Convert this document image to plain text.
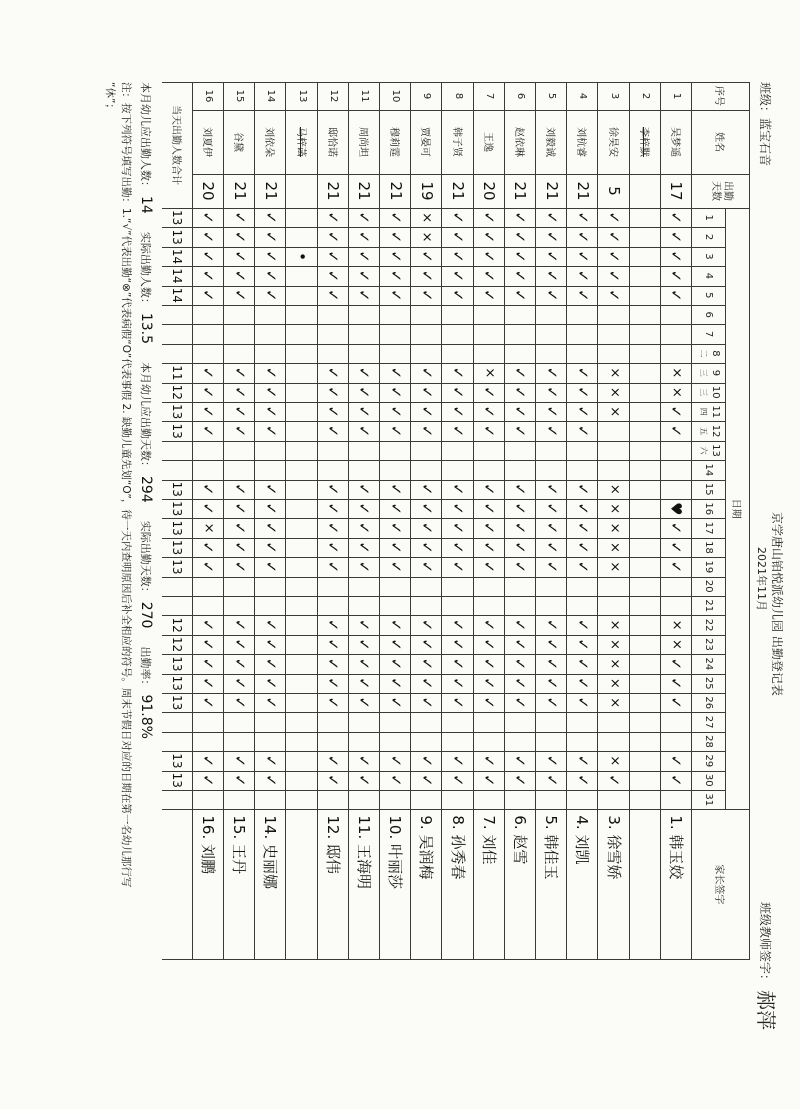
班级：蓝宝石音
京学唐山铂悦派幼儿园 出勤登记表
2021年11月
班级教师签字：
郝萍
序号
姓名
出勤天数
日期
家长签字
1
2
3
4
5
6
7
8
二
9
三
10
三
11
四
12
五
13
六
14
15
16
17
18
19
20
21
22
23
24
25
26
27
28
29
30
31
1
吴梦遥
17
✓
✓
✓
✓
✓
×
×
✓
✓
♥
✓
✓
✓
×
×
✓
✓
✓
✓
✓
1. 韩玉姣
2
李梓默
3
徐昊安
5
✓
✓
✓
✓
✓
×
×
×
×
×
×
×
×
×
×
×
×
×
×
✓
3. 徐雪娇
4
刘杭睿
21
✓
✓
✓
✓
✓
✓
✓
✓
✓
✓
✓
✓
✓
✓
✓
✓
✓
✓
✓
✓
✓
4. 刘凯
5
刘毅诚
21
✓
✓
✓
✓
✓
✓
✓
✓
✓
✓
✓
✓
✓
✓
✓
✓
✓
✓
✓
✓
✓
5. 韩佳玉
6
赵依琳
21
✓
✓
✓
✓
✓
✓
✓
✓
✓
✓
✓
✓
✓
✓
✓
✓
✓
✓
✓
✓
✓
6. 赵雪
7
王逸
20
✓
✓
✓
✓
✓
×
✓
✓
✓
✓
✓
✓
✓
✓
✓
✓
✓
✓
✓
✓
✓
7. 刘佳
8
韩子贤
21
✓
✓
✓
✓
✓
✓
✓
✓
✓
✓
✓
✓
✓
✓
✓
✓
✓
✓
✓
✓
✓
8. 孙秀春
9
贾晏可
19
×
×
✓
✓
✓
✓
✓
✓
✓
✓
✓
✓
✓
✓
✓
✓
✓
✓
✓
✓
✓
9. 吴润梅
10
穆莉霆
21
✓
✓
✓
✓
✓
✓
✓
✓
✓
✓
✓
✓
✓
✓
✓
✓
✓
✓
✓
✓
✓
10. 叶丽莎
11
周尚坦
21
✓
✓
✓
✓
✓
✓
✓
✓
✓
✓
✓
✓
✓
✓
✓
✓
✓
✓
✓
✓
✓
11. 王海明
12
邸恰诺
21
✓
✓
✓
✓
✓
✓
✓
✓
✓
✓
✓
✓
✓
✓
✓
✓
✓
✓
✓
✓
✓
12. 邸伟
13
马梓菡
•
14
刘依朵
21
✓
✓
✓
✓
✓
✓
✓
✓
✓
✓
✓
✓
✓
✓
✓
✓
✓
✓
✓
✓
✓
14. 史丽娜
15
谷黛
21
✓
✓
✓
✓
✓
✓
✓
✓
✓
✓
✓
✓
✓
✓
✓
✓
✓
✓
✓
✓
✓
15. 王丹
16
刘夏伊
20
✓
✓
✓
✓
✓
✓
✓
✓
✓
✓
✓
×
✓
✓
✓
✓
✓
✓
✓
✓
✓
16. 刘鹏
当天出勤人数合计
13
13
14
14
14
11
12
13
13
13
13
13
13
13
12
12
13
13
13
13
13
本月幼儿应出勤人数：14实际出勤人数：13.5本月幼儿应出勤天数：294实际出勤天数：270出勤率：91.8%
注：按下列符号填写出勤：1.“√”代表出勤“⊗”代表病假“O”代表事假 2. 缺勤儿童先划“O”，待一天内查明原因后补全相应的符号。周末节假日对应的日期在第一名幼儿那行写
“休”；
